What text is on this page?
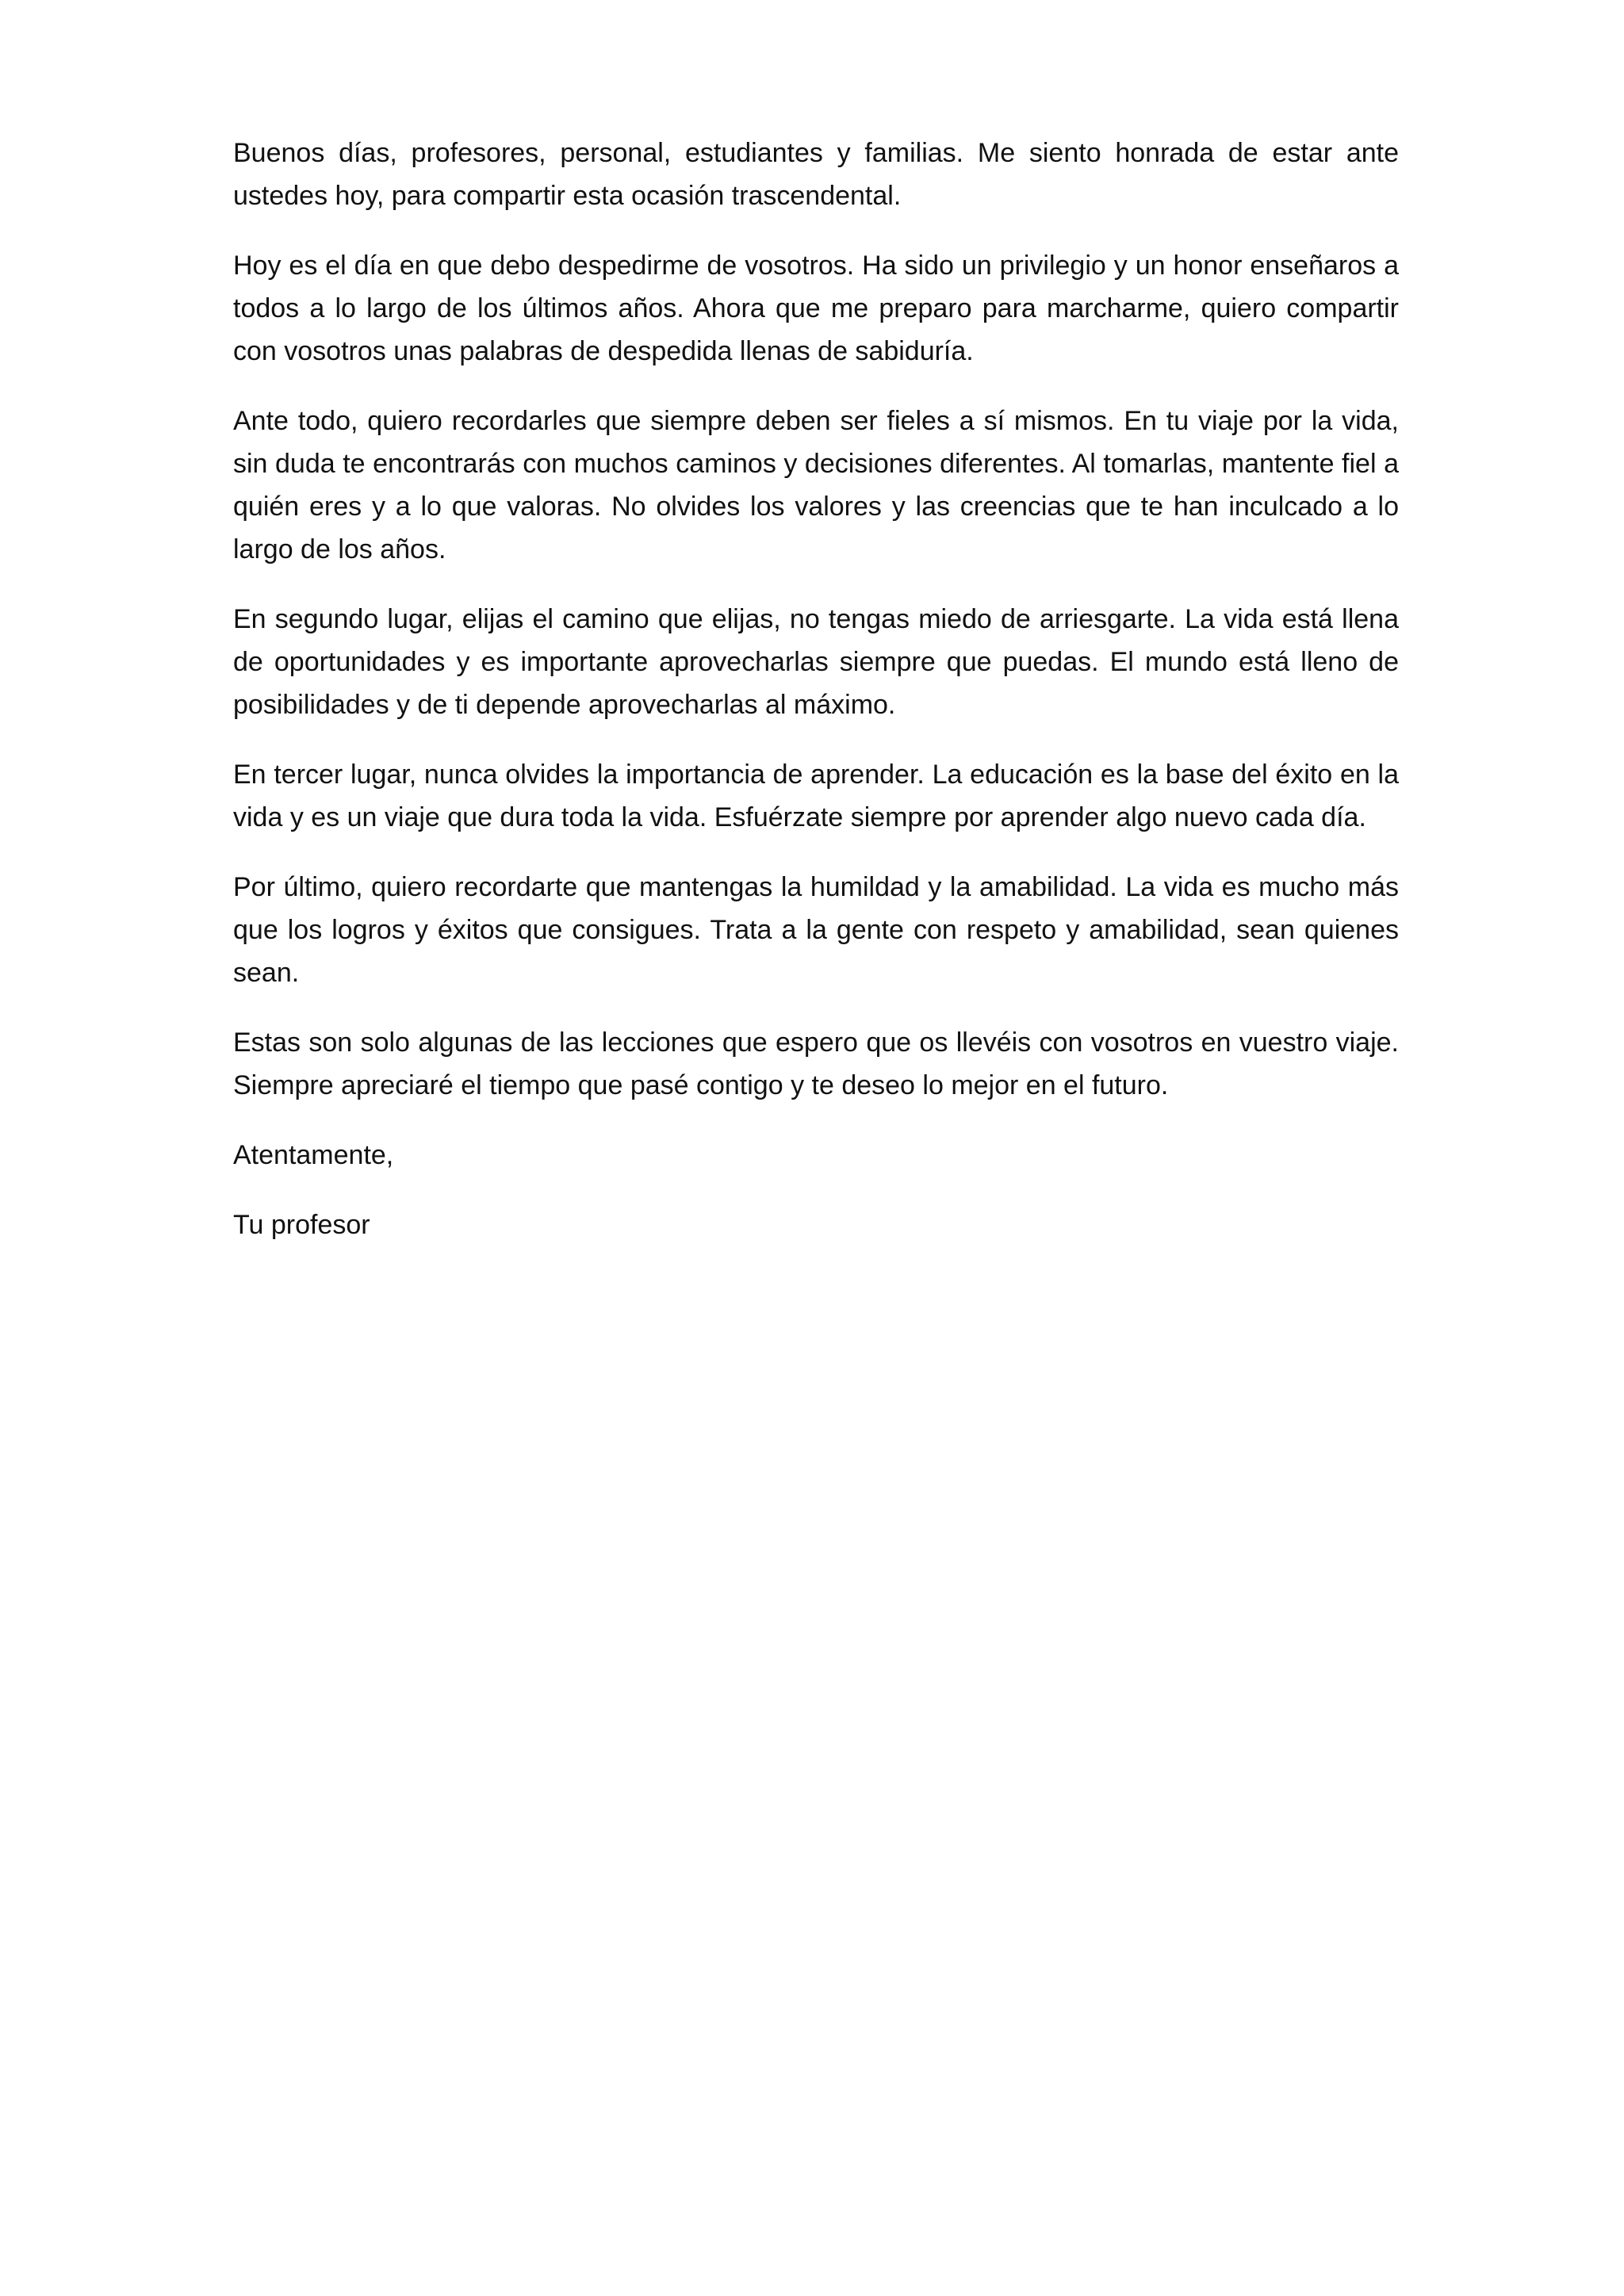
Buenos días, profesores, personal, estudiantes y familias. Me siento honrada de estar ante ustedes hoy, para compartir esta ocasión trascendental.

Hoy es el día en que debo despedirme de vosotros. Ha sido un privilegio y un honor enseñaros a todos a lo largo de los últimos años. Ahora que me preparo para marcharme, quiero compartir con vosotros unas palabras de despedida llenas de sabiduría.

Ante todo, quiero recordarles que siempre deben ser fieles a sí mismos. En tu viaje por la vida, sin duda te encontrarás con muchos caminos y decisiones diferentes. Al tomarlas, mantente fiel a quién eres y a lo que valoras. No olvides los valores y las creencias que te han inculcado a lo largo de los años.

En segundo lugar, elijas el camino que elijas, no tengas miedo de arriesgarte. La vida está llena de oportunidades y es importante aprovecharlas siempre que puedas. El mundo está lleno de posibilidades y de ti depende aprovecharlas al máximo.

En tercer lugar, nunca olvides la importancia de aprender. La educación es la base del éxito en la vida y es un viaje que dura toda la vida. Esfuérzate siempre por aprender algo nuevo cada día.

Por último, quiero recordarte que mantengas la humildad y la amabilidad. La vida es mucho más que los logros y éxitos que consigues. Trata a la gente con respeto y amabilidad, sean quienes sean.

Estas son solo algunas de las lecciones que espero que os llevéis con vosotros en vuestro viaje. Siempre apreciaré el tiempo que pasé contigo y te deseo lo mejor en el futuro.

Atentamente,

Tu profesor
